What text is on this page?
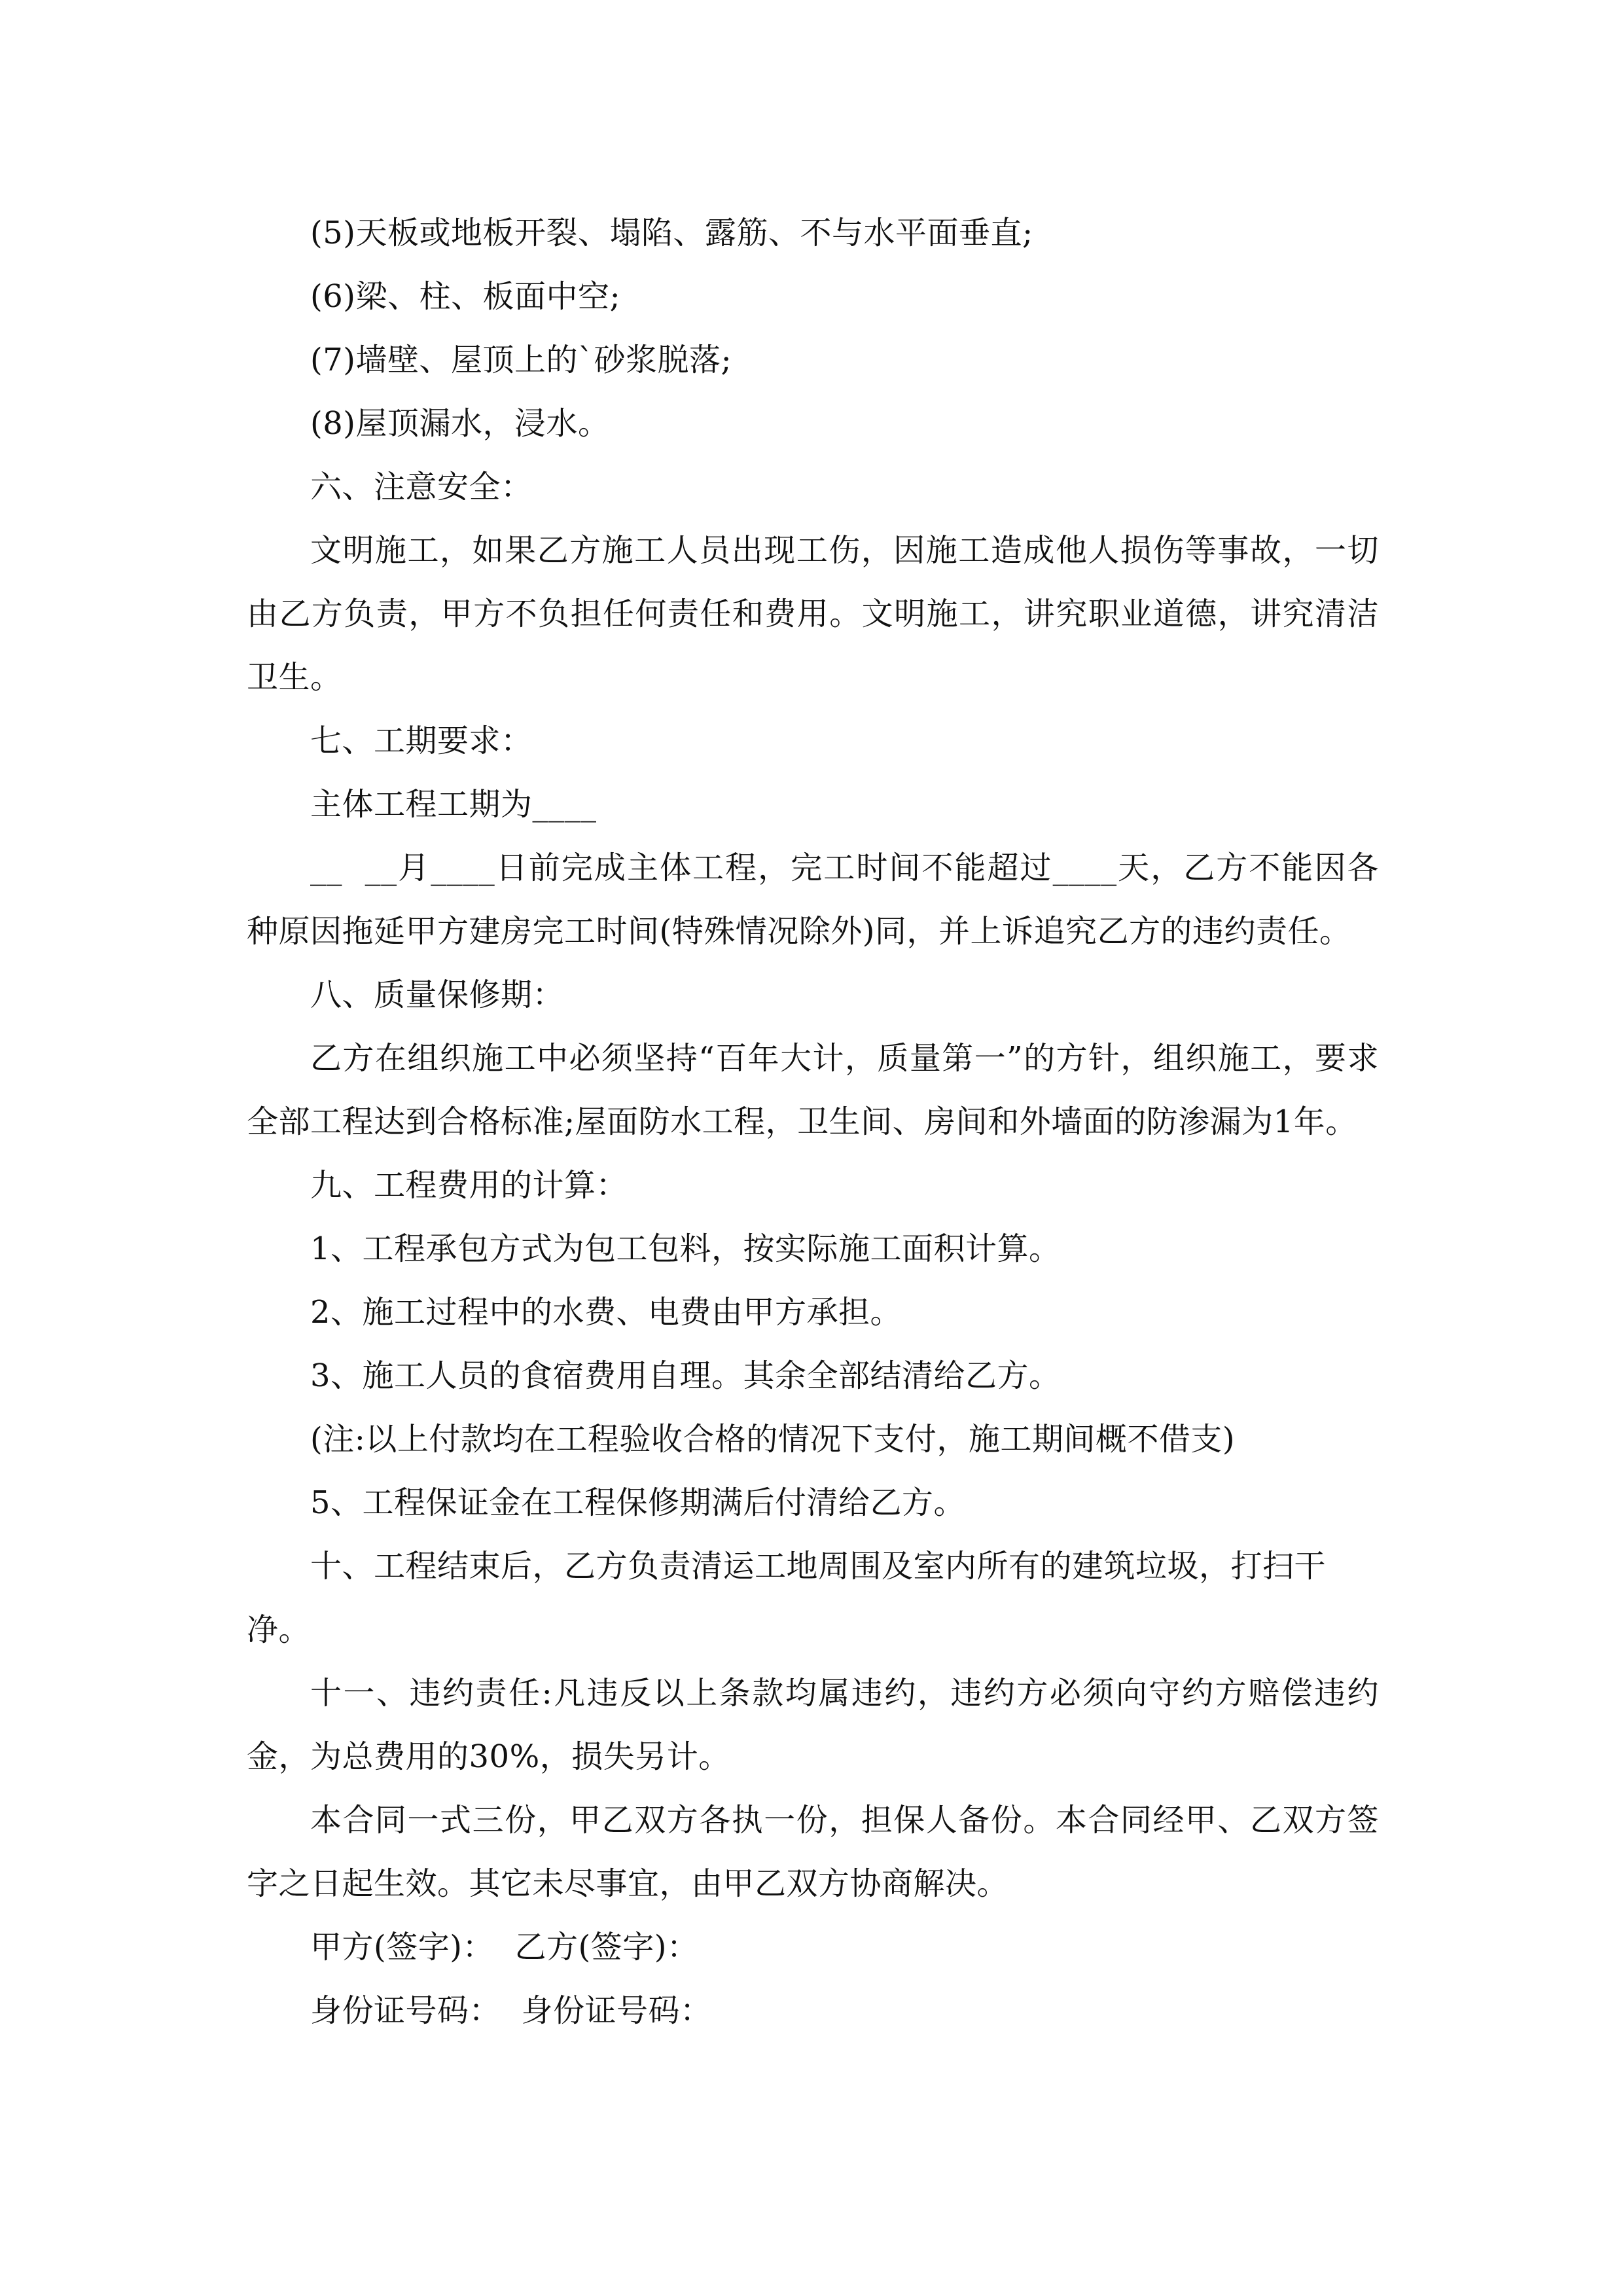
(5)天板或地板开裂、塌陷、露筋、不与水平面垂直;

(6)梁、柱、板面中空;

(7)墙壁、屋顶上的`砂浆脱落;

(8)屋顶漏水，浸水。

六、注意安全：

文明施工，如果乙方施工人员出现工伤，因施工造成他人损伤等事故，一切由乙方负责，甲方不负担任何责任和费用。文明施工，讲究职业道德，讲究清洁卫生。

七、工期要求：

主体工程工期为____

__  __月____日前完成主体工程，完工时间不能超过____天，乙方不能因各种原因拖延甲方建房完工时间(特殊情况除外)同，并上诉追究乙方的违约责任。

八、质量保修期：

乙方在组织施工中必须坚持“百年大计，质量第一”的方针，组织施工，要求全部工程达到合格标准;屋面防水工程，卫生间、房间和外墙面的防渗漏为1年。

九、工程费用的计算：

1、工程承包方式为包工包料，按实际施工面积计算。

2、施工过程中的水费、电费由甲方承担。

3、施工人员的食宿费用自理。其余全部结清给乙方。

(注:以上付款均在工程验收合格的情况下支付，施工期间概不借支)

5、工程保证金在工程保修期满后付清给乙方。

十、工程结束后，乙方负责清运工地周围及室内所有的建筑垃圾，打扫干净。

十一、违约责任:凡违反以上条款均属违约，违约方必须向守约方赔偿违约金，为总费用的30%，损失另计。

本合同一式三份，甲乙双方各执一份，担保人备份。本合同经甲、乙双方签字之日起生效。其它未尽事宜，由甲乙双方协商解决。

甲方(签字)：  乙方(签字)：

身份证号码：  身份证号码：
